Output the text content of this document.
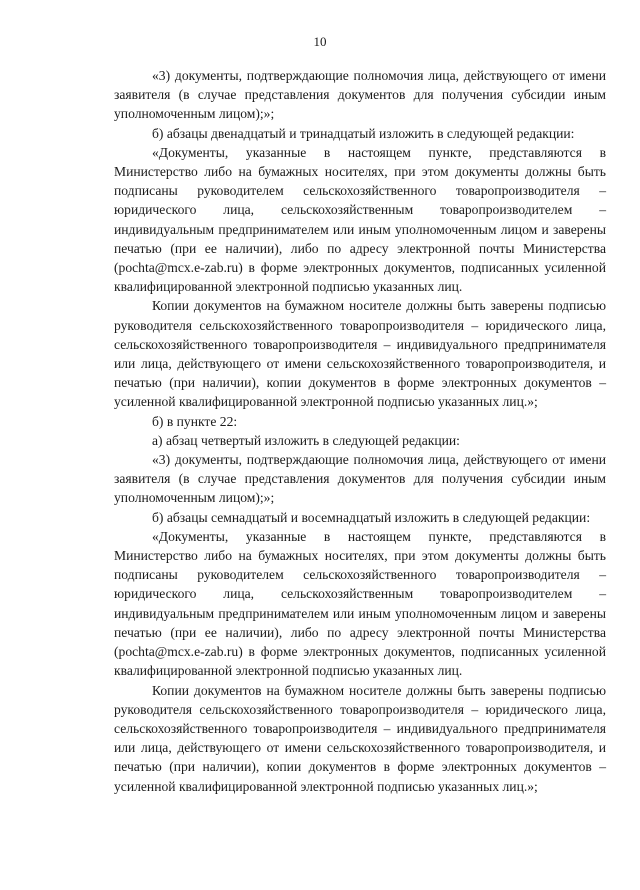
10

«3) документы, подтверждающие полномочия лица, действующего от имени заявителя (в случае представления документов для получения субсидии иным уполномоченным лицом);»;

б) абзацы двенадцатый и тринадцатый изложить в следующей редакции:

«Документы, указанные в настоящем пункте, представляются в Министерство либо на бумажных носителях, при этом документы должны быть подписаны руководителем сельскохозяйственного товаропроизводителя – юридического лица, сельскохозяйственным товаропроизводителем – индивидуальным предпринимателем или иным уполномоченным лицом и заверены печатью (при ее наличии), либо по адресу электронной почты Министерства (pochta@mcx.e-zab.ru) в форме электронных документов, подписанных усиленной квалифицированной электронной подписью указанных лиц.

Копии документов на бумажном носителе должны быть заверены подписью руководителя сельскохозяйственного товаропроизводителя – юридического лица, сельскохозяйственного товаропроизводителя – индивидуального предпринимателя или лица, действующего от имени сельскохозяйственного товаропроизводителя, и печатью (при наличии), копии документов в форме электронных документов – усиленной квалифицированной электронной подписью указанных лиц.»;

б) в пункте 22:

а) абзац четвертый изложить в следующей редакции:

«3) документы, подтверждающие полномочия лица, действующего от имени заявителя (в случае представления документов для получения субсидии иным уполномоченным лицом);»;

б) абзацы семнадцатый и восемнадцатый изложить в следующей редакции:

«Документы, указанные в настоящем пункте, представляются в Министерство либо на бумажных носителях, при этом документы должны быть подписаны руководителем сельскохозяйственного товаропроизводителя – юридического лица, сельскохозяйственным товаропроизводителем – индивидуальным предпринимателем или иным уполномоченным лицом и заверены печатью (при ее наличии), либо по адресу электронной почты Министерства (pochta@mcx.e-zab.ru) в форме электронных документов, подписанных усиленной квалифицированной электронной подписью указанных лиц.

Копии документов на бумажном носителе должны быть заверены подписью руководителя сельскохозяйственного товаропроизводителя – юридического лица, сельскохозяйственного товаропроизводителя – индивидуального предпринимателя или лица, действующего от имени сельскохозяйственного товаропроизводителя, и печатью (при наличии), копии документов в форме электронных документов – усиленной квалифицированной электронной подписью указанных лиц.»;
